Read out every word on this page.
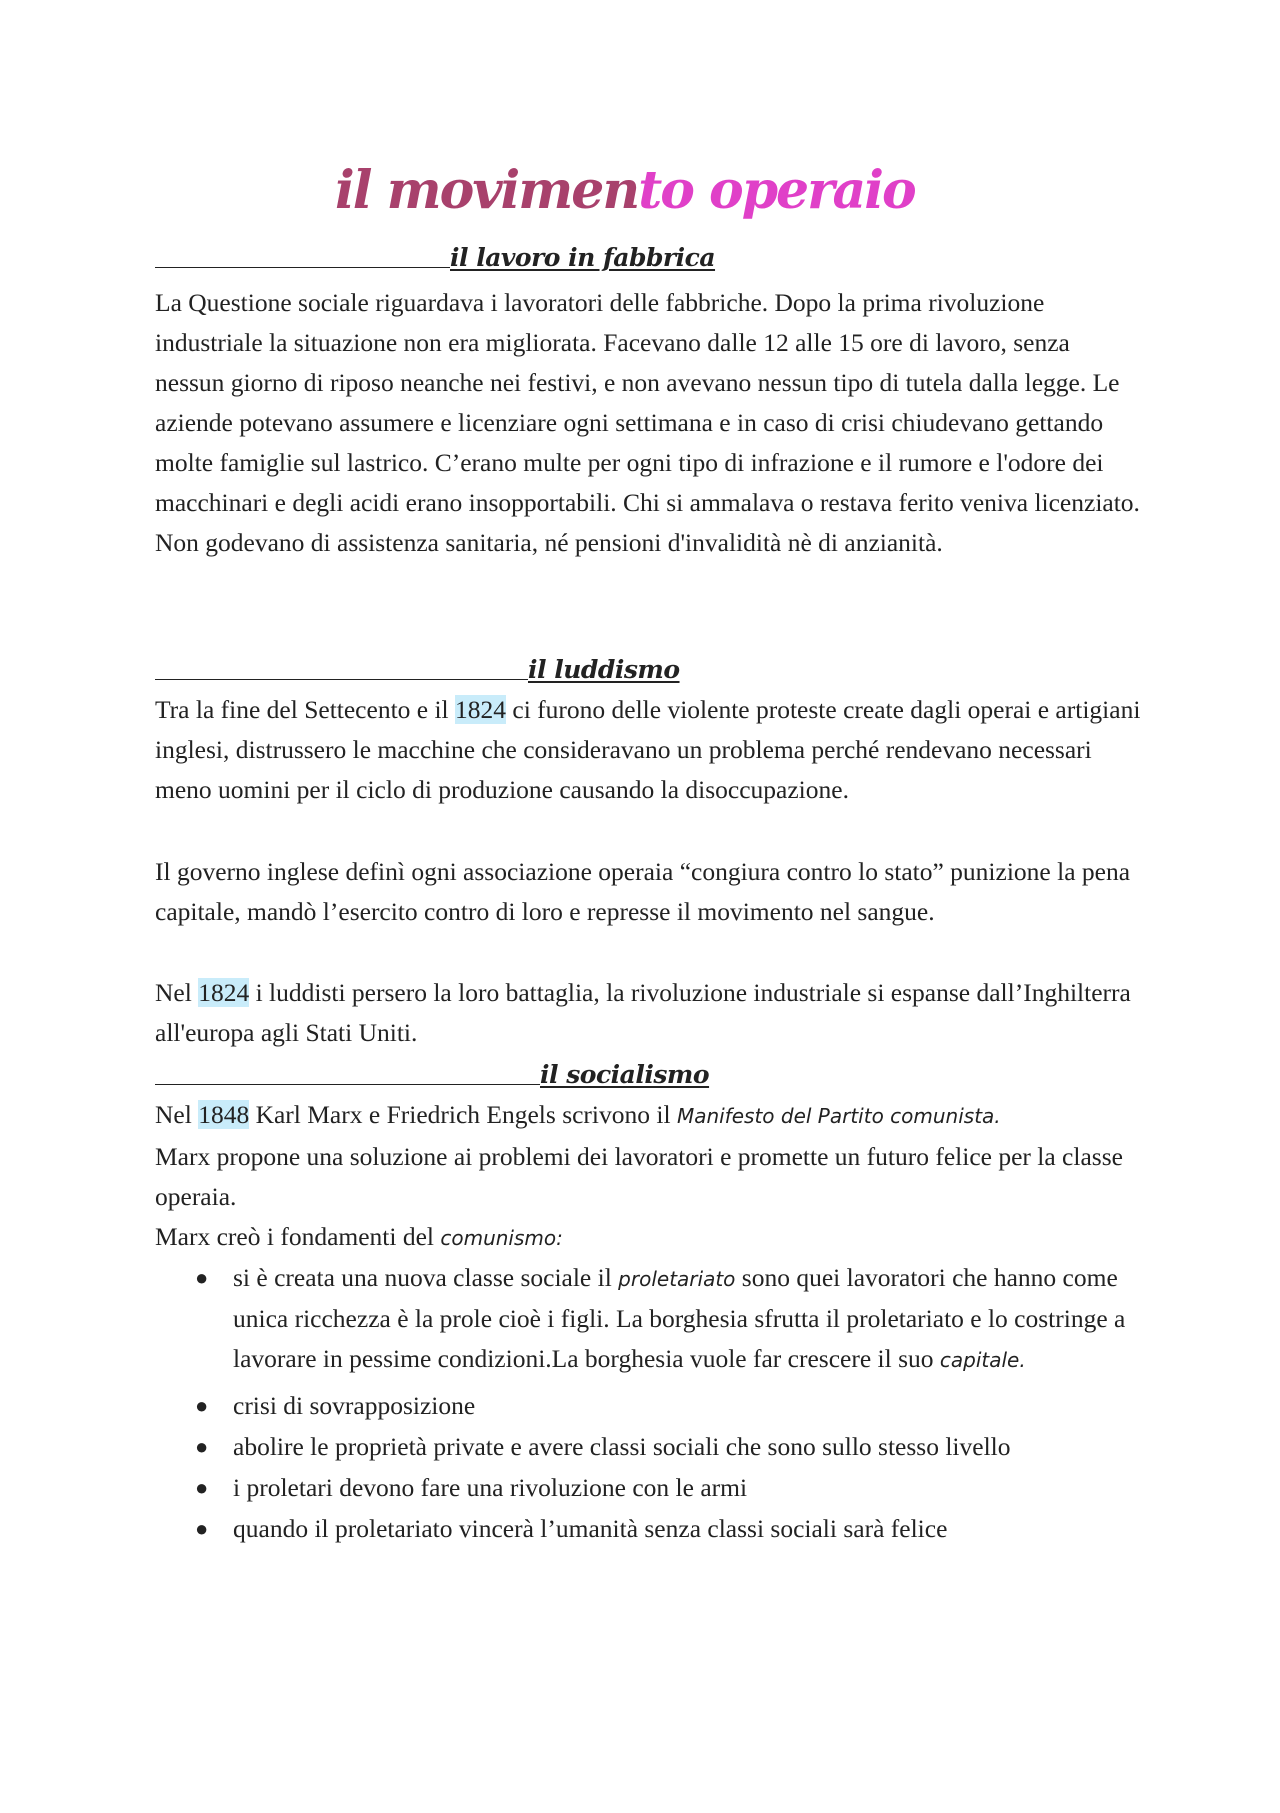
il movimento operaio
il lavoro in fabbrica

La Questione sociale riguardava i lavoratori delle fabbriche. Dopo la prima rivoluzione industriale la situazione non era migliorata. Facevano dalle 12 alle 15 ore di lavoro, senza nessun giorno di riposo neanche nei festivi, e non avevano nessun tipo di tutela dalla legge. Le aziende potevano assumere e licenziare ogni settimana e in caso di crisi chiudevano gettando molte famiglie sul lastrico. C’erano multe per ogni tipo di infrazione e il rumore e l'odore dei macchinari e degli acidi erano insopportabili. Chi si ammalava o restava ferito veniva licenziato. Non godevano di assistenza sanitaria, né pensioni d'invalidità nè di anzianità.

il luddismo

Tra la fine del Settecento e il 1824 ci furono delle violente proteste create dagli operai e artigiani inglesi, distrussero le macchine che consideravano un problema perché rendevano necessari meno uomini per il ciclo di produzione causando la disoccupazione.

Il governo inglese definì ogni associazione operaia “congiura contro lo stato” punizione la pena capitale, mandò l’esercito contro di loro e represse il movimento nel sangue.

Nel 1824 i luddisti persero la loro battaglia, la rivoluzione industriale si espanse dall’Inghilterra all'europa agli Stati Uniti.

il socialismo

Nel 1848 Karl Marx e Friedrich Engels scrivono il Manifesto del Partito comunista.

Marx propone una soluzione ai problemi dei lavoratori e promette un futuro felice per la classe operaia.

Marx creò i fondamenti del comunismo:

● si è creata una nuova classe sociale il proletariato sono quei lavoratori che hanno come unica ricchezza è la prole cioè i figli. La borghesia sfrutta il proletariato e lo costringe a lavorare in pessime condizioni.La borghesia vuole far crescere il suo capitale.
● crisi di sovrapposizione
● abolire le proprietà private e avere classi sociali che sono sullo stesso livello
● i proletari devono fare una rivoluzione con le armi
● quando il proletariato vincerà l’umanità senza classi sociali sarà felice
